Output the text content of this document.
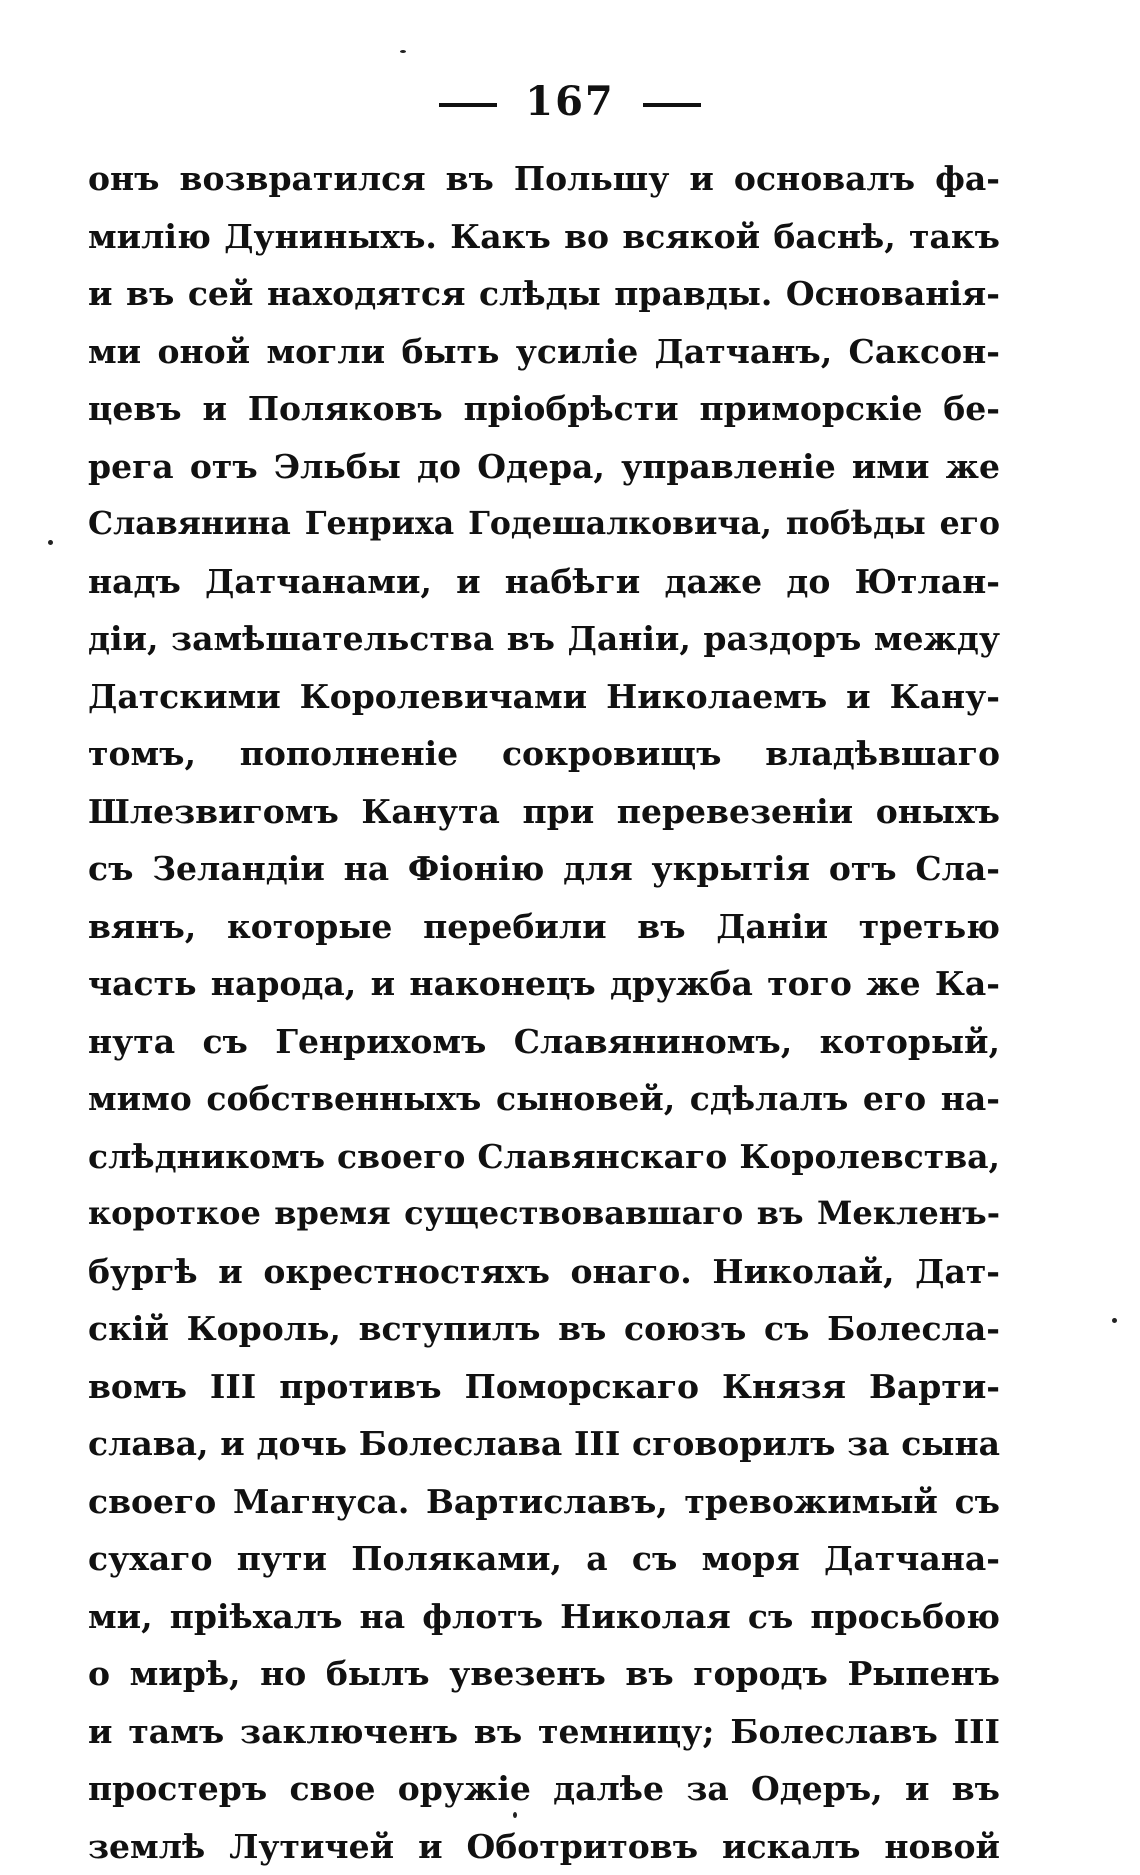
167
онъ возвратился въ Польшу и основалъ фа-
милію Дуниныхъ. Какъ во всякой баснѣ, такъ
и въ сей находятся слѣды правды. Основанія-
ми оной могли быть усиліе Датчанъ, Саксон-
цевъ и Поляковъ пріобрѣсти приморскіе бе-
рега отъ Эльбы до Одера, управленіе ими же
Славянина Генриха Годешалковича, побѣды его
надъ Датчанами, и набѣги даже до Ютлан-
діи, замѣшательства въ Даніи, раздоръ между
Датскими Королевичами Николаемъ и Кану-
томъ, пополненіе сокровищъ владѣвшаго
Шлезвигомъ Канута при перевезеніи оныхъ
съ Зеландіи на Фіонію для укрытія отъ Сла-
вянъ, которые перебили въ Даніи третью
часть народа, и наконецъ дружба того же Ка-
нута съ Генрихомъ Славяниномъ, который,
мимо собственныхъ сыновей, сдѣлалъ его на-
слѣдникомъ своего Славянскаго Королевства,
короткое время существовавшаго въ Мекленъ-
бургѣ и окрестностяхъ онаго. Николай, Дат-
скій Король, вступилъ въ союзъ съ Болесла-
вомъ III противъ Поморскаго Князя Варти-
слава, и дочь Болеслава III сговорилъ за сына
своего Магнуса. Вартиславъ, тревожимый съ
сухаго пути Поляками, а съ моря Датчана-
ми, пріѣхалъ на флотъ Николая съ просьбою
о мирѣ, но былъ увезенъ въ городъ Рыпенъ
и тамъ заключенъ въ темницу; Болеславъ III
простеръ свое оружіе далѣе за Одеръ, и въ
землѣ Лутичей и Оботритовъ искалъ новой
